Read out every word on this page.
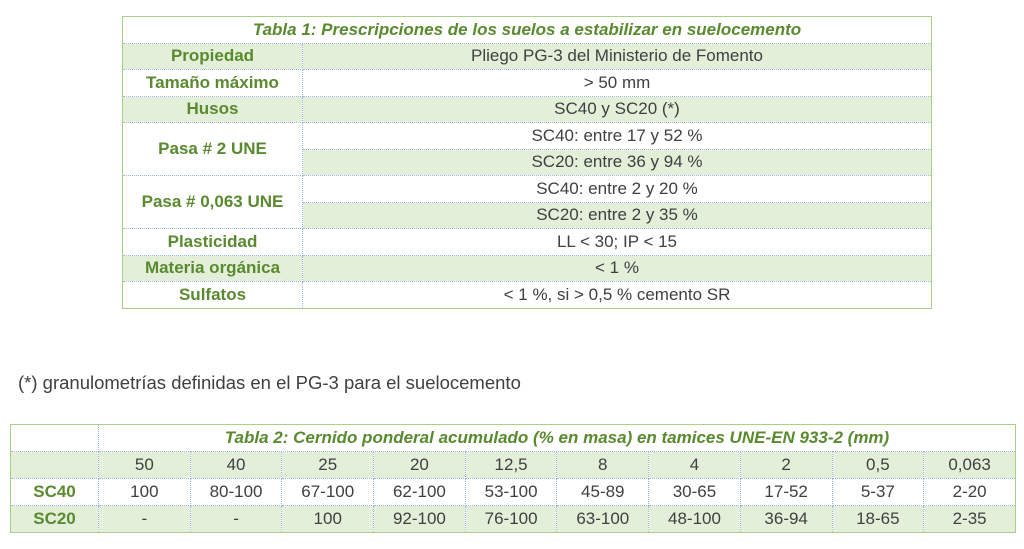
Tabla 1: Prescripciones de los suelos a estabilizar en suelocemento	
Propiedad	Pliego PG-3 del Ministerio de Fomento
Tamaño máximo	> 50 mm
Husos	SC40 y SC20 (*)
Pasa # 2 UNE	SC40: entre 17 y 52 %
	SC20: entre 36 y 94 %
Pasa # 0,063 UNE	SC40: entre 2 y 20 %
	SC20: entre 2 y 35 %
Plasticidad	LL < 30; IP < 15
Materia orgánica	< 1 %
Sulfatos	< 1 %, si > 0,5 % cemento SR
(*) granulometrías definidas en el PG-3 para el suelocemento
	Tabla 2: Cernido ponderal acumulado (% en masa) en tamices UNE-EN 933-2 (mm)									
	50	40	25	20	12,5	8	4	2	0,5	0,063
SC40	100	80-100	67-100	62-100	53-100	45-89	30-65	17-52	5-37	2-20
SC20	-	-	100	92-100	76-100	63-100	48-100	36-94	18-65	2-35
